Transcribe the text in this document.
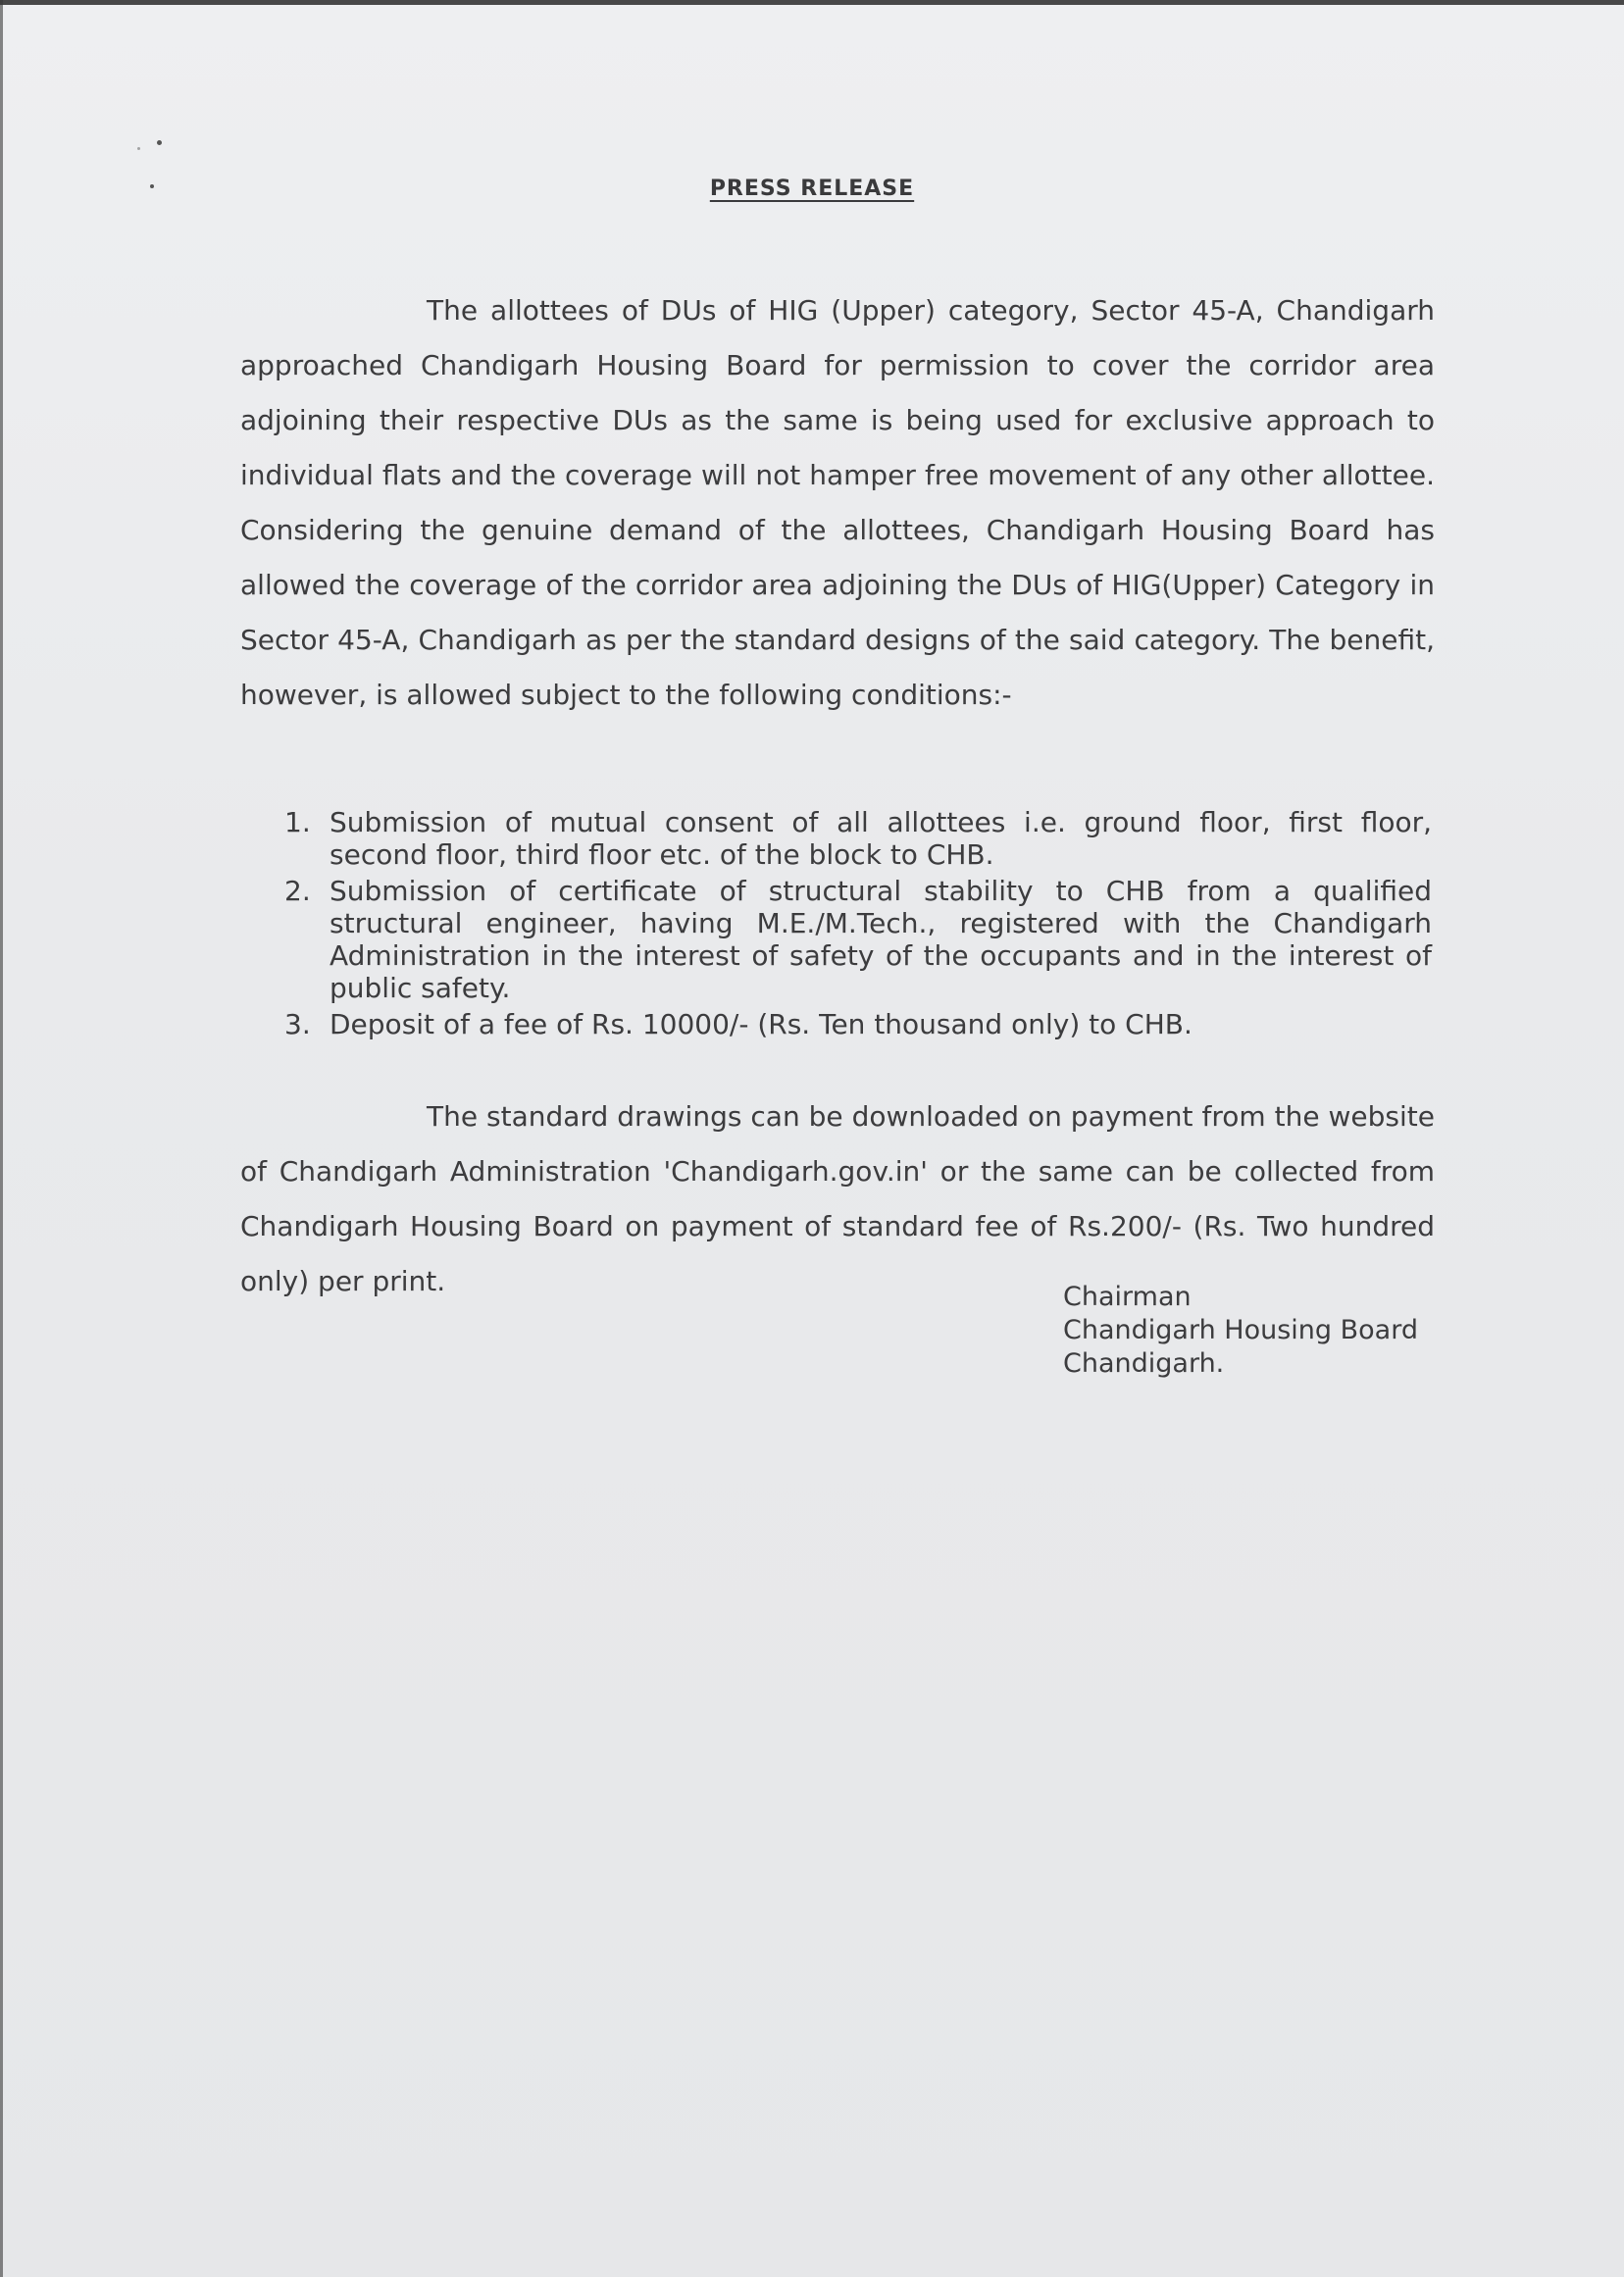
PRESS RELEASE

The allottees of DUs of HIG (Upper) category, Sector 45-A, Chandigarh approached Chandigarh Housing Board for permission to cover the corridor area adjoining their respective DUs as the same is being used for exclusive approach to individual flats and the coverage will not hamper free movement of any other allottee. Considering the genuine demand of the allottees, Chandigarh Housing Board has allowed the coverage of the corridor area adjoining the DUs of HIG(Upper) Category in Sector 45-A, Chandigarh as per the standard designs of the said category. The benefit, however, is allowed subject to the following conditions:-

1. Submission of mutual consent of all allottees i.e. ground floor, first floor, second floor, third floor etc. of the block to CHB.
2. Submission of certificate of structural stability to CHB from a qualified structural engineer, having M.E./M.Tech., registered with the Chandigarh Administration in the interest of safety of the occupants and in the interest of public safety.
3. Deposit of a fee of Rs. 10000/- (Rs. Ten thousand only) to CHB.

The standard drawings can be downloaded on payment from the website of Chandigarh Administration 'Chandigarh.gov.in' or the same can be collected from Chandigarh Housing Board on payment of standard fee of Rs.200/- (Rs. Two hundred only) per print.	Chairman
Chandigarh Housing Board
Chandigarh.
